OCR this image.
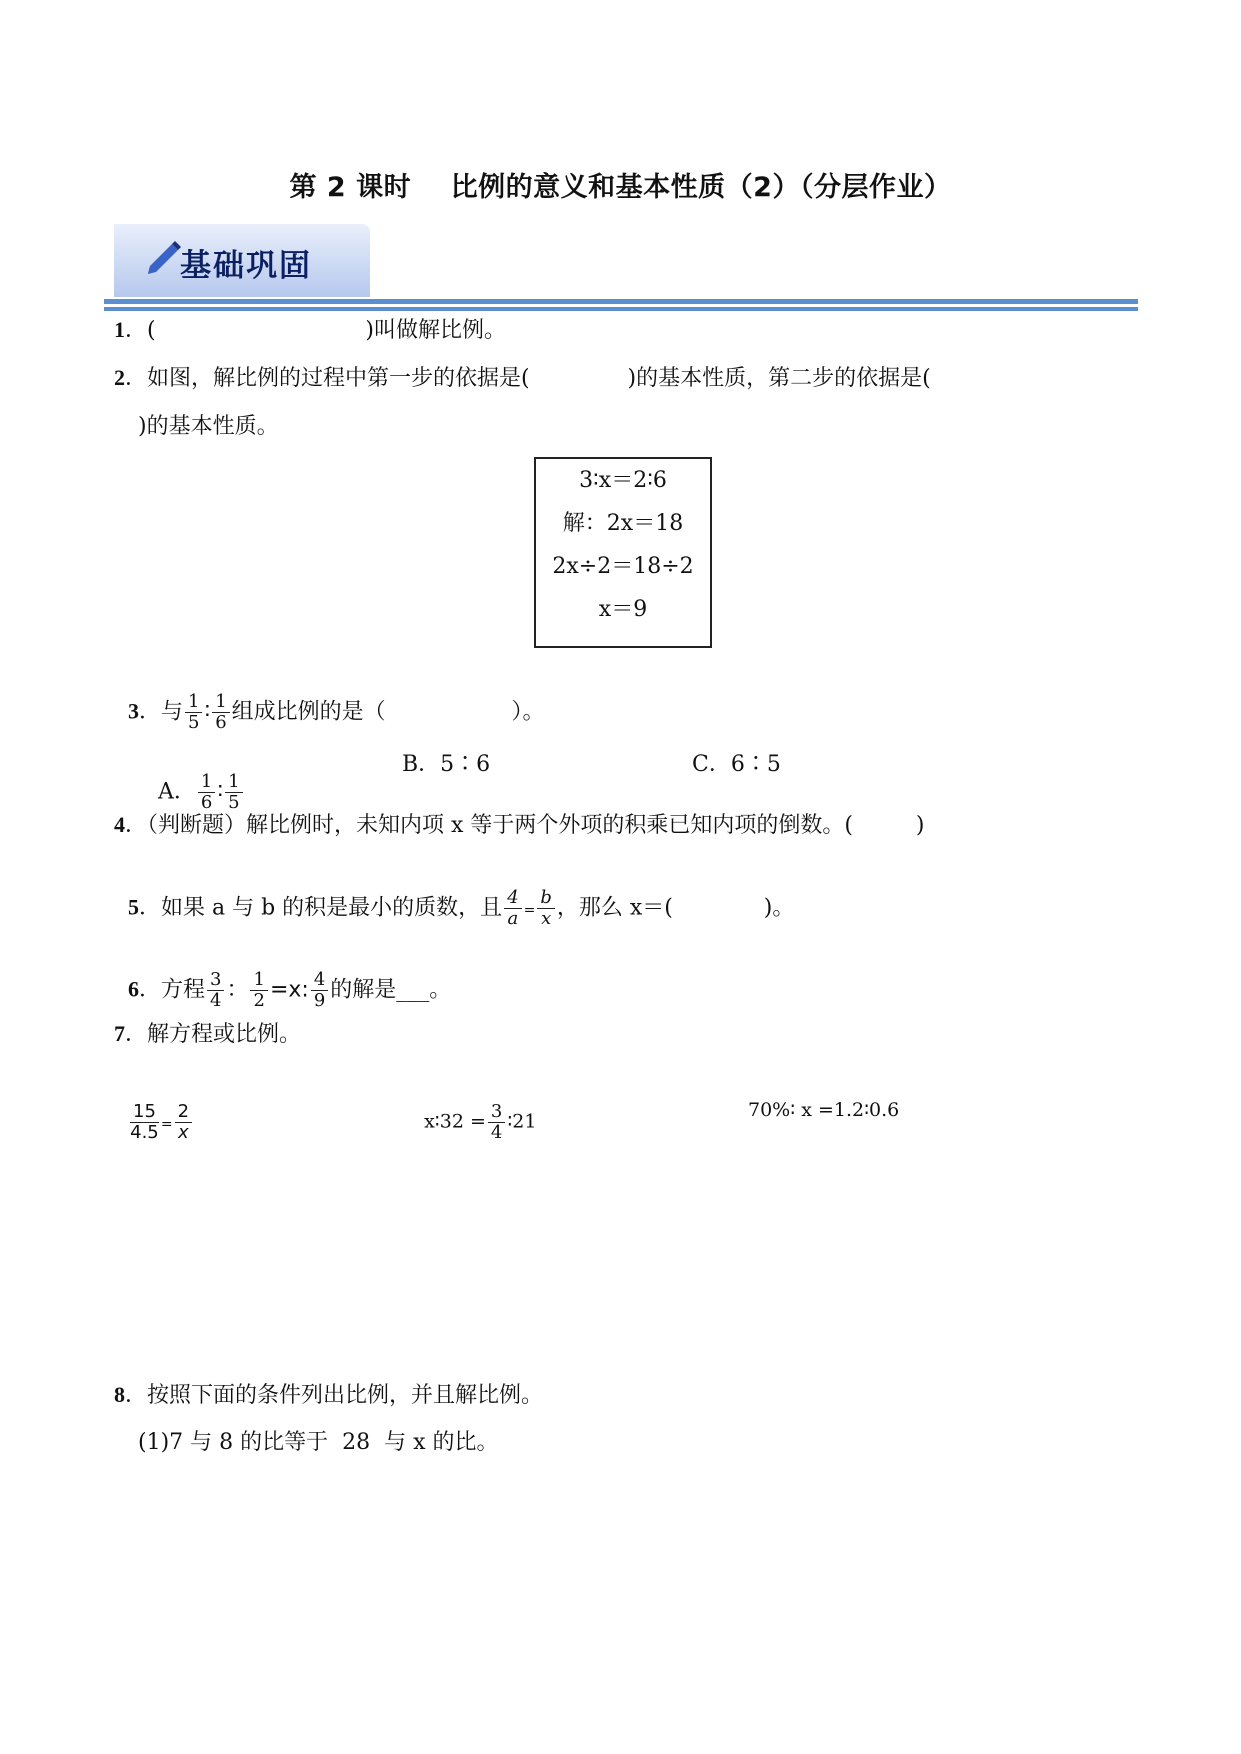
第 2 课时    比例的意义和基本性质（2）（分层作业）
基础巩固
1．(                              )叫做解比例。
2．如图，解比例的过程中第一步的依据是(              )的基本性质，第二步的依据是(
)的基本性质。
3∶x＝2∶6
解：2x＝18
2x÷2＝18÷2
x＝9

3．与 $\frac{1}{5}$ ∶ $\frac{1}{6}$ 组成比例的是（                  ）。

A． $\frac{1}{6}$ ∶ $\frac{1}{5}$

B．5∶6	C．6∶5
4．（判断题）解比例时，未知内项 x 等于两个外项的积乘已知内项的倒数。(         )

5．如果 a 与 b 的积是最小的质数，且 $\frac{4}{a} = \frac{b}{x}$ ，那么 x＝(             )。

6．方程 $\frac{3}{4}$ ： $\frac{1}{2} =x$: $\frac{4}{9}$ 的解是___。

7．解方程或比例。

$\frac{15}{4.5} = \frac{2}{x}$	x∶32 = $\frac{3}{4}$ ∶21

70%∶ x =1.2∶0.6
8．按照下面的条件列出比例，并且解比例。
(1)7 与 8 的比等于  28  与 x 的比。
